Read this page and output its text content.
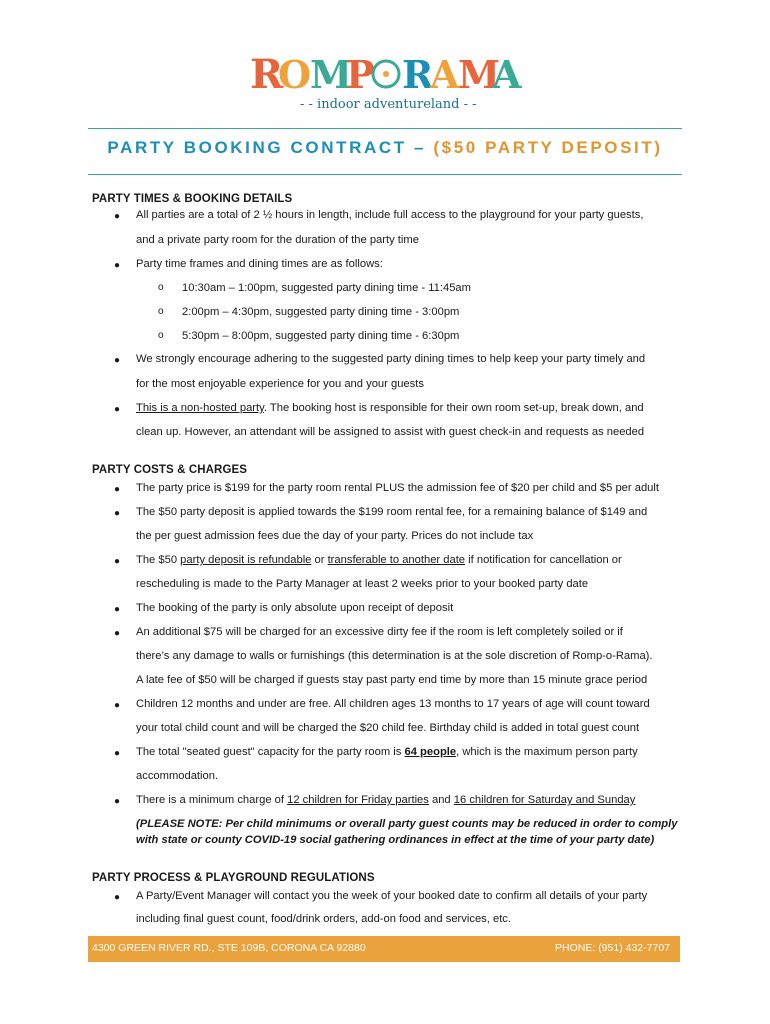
R
O
M
P R
A
M
A
- - indoor adventureland - -
PARTY BOOKING CONTRACT – ($50 PARTY DEPOSIT)
PARTY TIMES & BOOKING DETAILS
● All parties are a total of 2 ½ hours in length, include full access to the playground for your party guests,
and a private party room for the duration of the party time
● Party time frames and dining times are as follows:
o 10:30am – 1:00pm, suggested party dining time - 11:45am
o 2:00pm – 4:30pm, suggested party dining time - 3:00pm
o 5:30pm – 8:00pm, suggested party dining time - 6:30pm
● We strongly encourage adhering to the suggested party dining times to help keep your party timely and
for the most enjoyable experience for you and your guests
● This is a non-hosted party. The booking host is responsible for their own room set-up, break down, and
clean up. However, an attendant will be assigned to assist with guest check-in and requests as needed
PARTY COSTS & CHARGES
● The party price is $199 for the party room rental PLUS the admission fee of $20 per child and $5 per adult
● The $50 party deposit is applied towards the $199 room rental fee, for a remaining balance of $149 and
the per guest admission fees due the day of your party. Prices do not include tax
● The $50 party deposit is refundable or transferable to another date if notification for cancellation or
rescheduling is made to the Party Manager at least 2 weeks prior to your booked party date
● The booking of the party is only absolute upon receipt of deposit
● An additional $75 will be charged for an excessive dirty fee if the room is left completely soiled or if
there’s any damage to walls or furnishings (this determination is at the sole discretion of Romp-o-Rama).
A late fee of $50 will be charged if guests stay past party end time by more than 15 minute grace period
● Children 12 months and under are free. All children ages 13 months to 17 years of age will count toward
your total child count and will be charged the $20 child fee. Birthday child is added in total guest count
● The total "seated guest" capacity for the party room is 64 people, which is the maximum person party
accommodation.
● There is a minimum charge of 12 children for Friday parties and 16 children for Saturday and Sunday
(PLEASE NOTE: Per child minimums or overall party guest counts may be reduced in order to comply
with state or county COVID-19 social gathering ordinances in effect at the time of your party date)
PARTY PROCESS & PLAYGROUND REGULATIONS
● A Party/Event Manager will contact you the week of your booked date to confirm all details of your party
including final guest count, food/drink orders, add-on food and services, etc.
4300 GREEN RIVER RD., STE 109B, CORONA CA 92880	PHONE: (951) 432-7707
